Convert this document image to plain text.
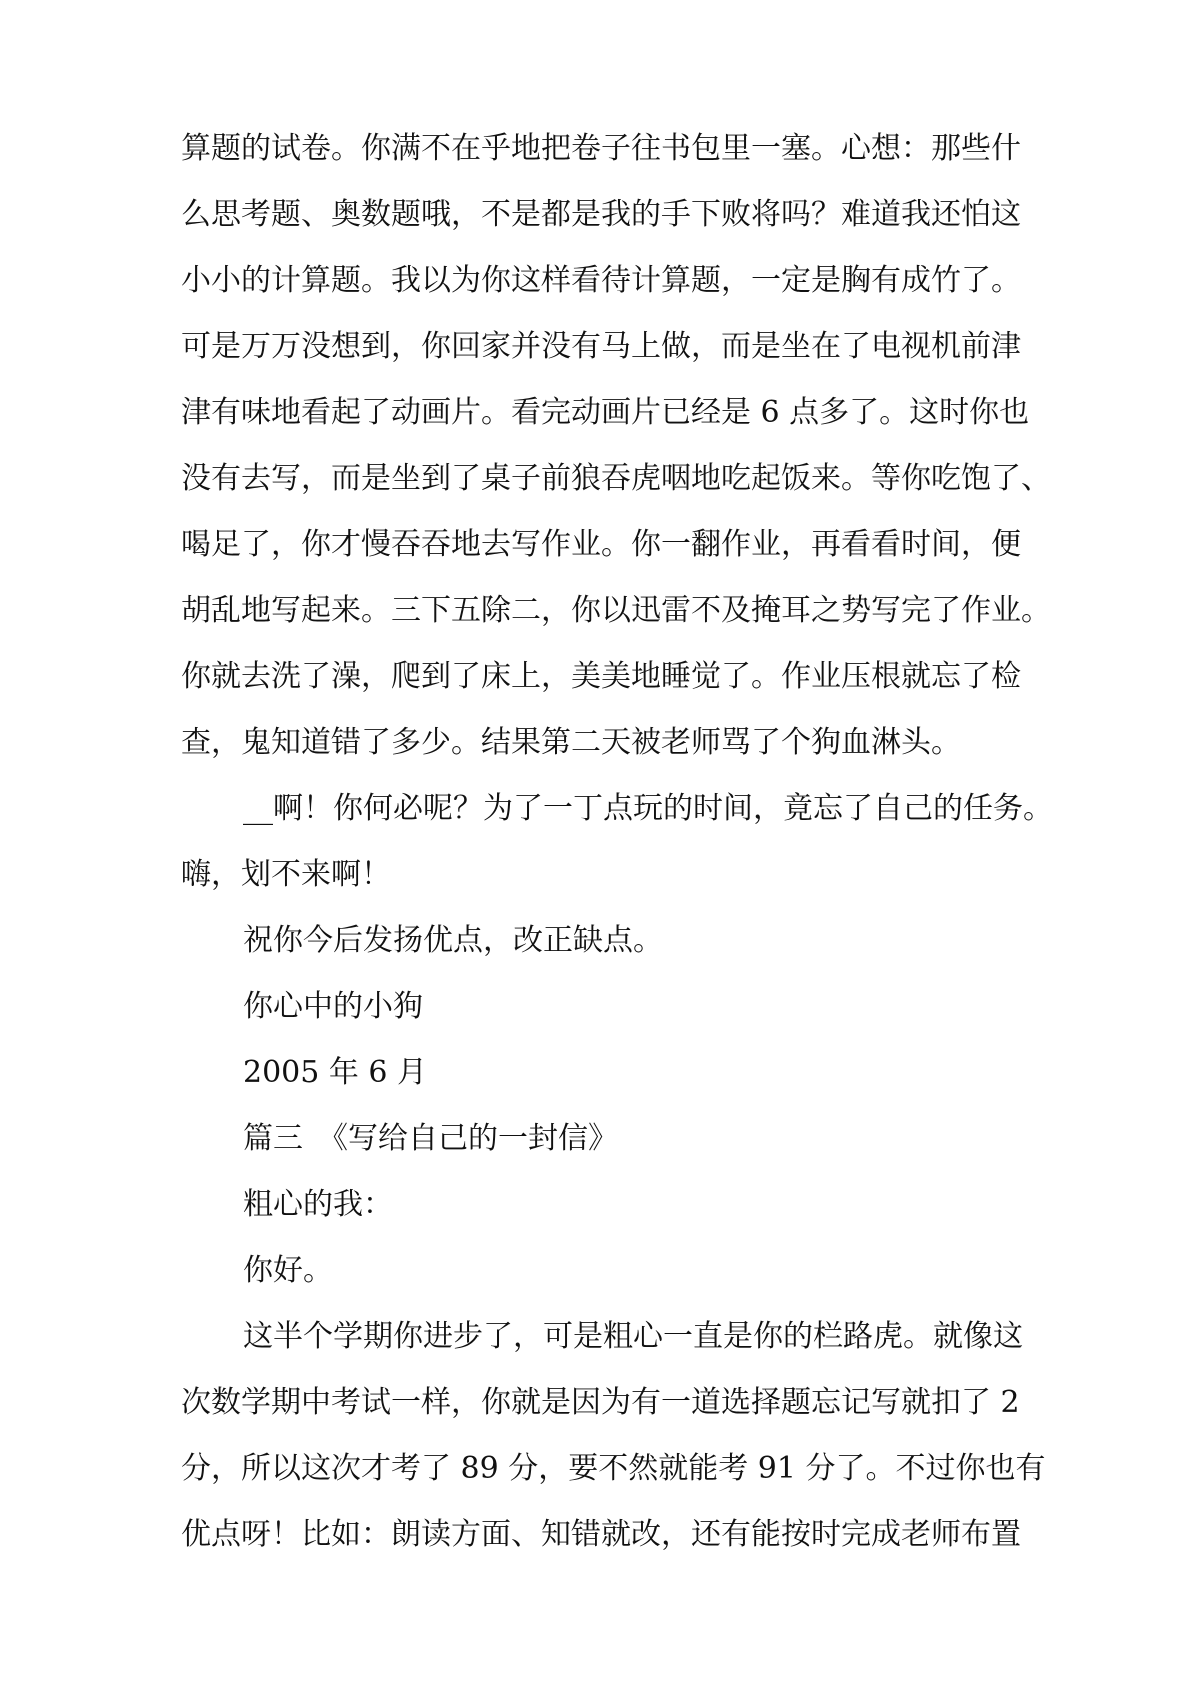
算题的试卷。你满不在乎地把卷子往书包里一塞。心想：那些什
么思考题、奥数题哦，不是都是我的手下败将吗？难道我还怕这
小小的计算题。我以为你这样看待计算题，一定是胸有成竹了。
可是万万没想到，你回家并没有马上做，而是坐在了电视机前津
津有味地看起了动画片。看完动画片已经是 6 点多了。这时你也
没有去写，而是坐到了桌子前狼吞虎咽地吃起饭来。等你吃饱了、
喝足了，你才慢吞吞地去写作业。你一翻作业，再看看时间，便
胡乱地写起来。三下五除二，你以迅雷不及掩耳之势写完了作业。
你就去洗了澡，爬到了床上，美美地睡觉了。作业压根就忘了检
查，鬼知道错了多少。结果第二天被老师骂了个狗血淋头。
__啊！你何必呢？为了一丁点玩的时间，竟忘了自己的任务。
嗨，划不来啊！
祝你今后发扬优点，改正缺点。
你心中的小狗
2005 年 6 月
篇三　《写给自己的一封信》
粗心的我：
你好。
这半个学期你进步了，可是粗心一直是你的栏路虎。就像这
次数学期中考试一样，你就是因为有一道选择题忘记写就扣了 2
分，所以这次才考了 89 分，要不然就能考 91 分了。不过你也有
优点呀！比如：朗读方面、知错就改，还有能按时完成老师布置
